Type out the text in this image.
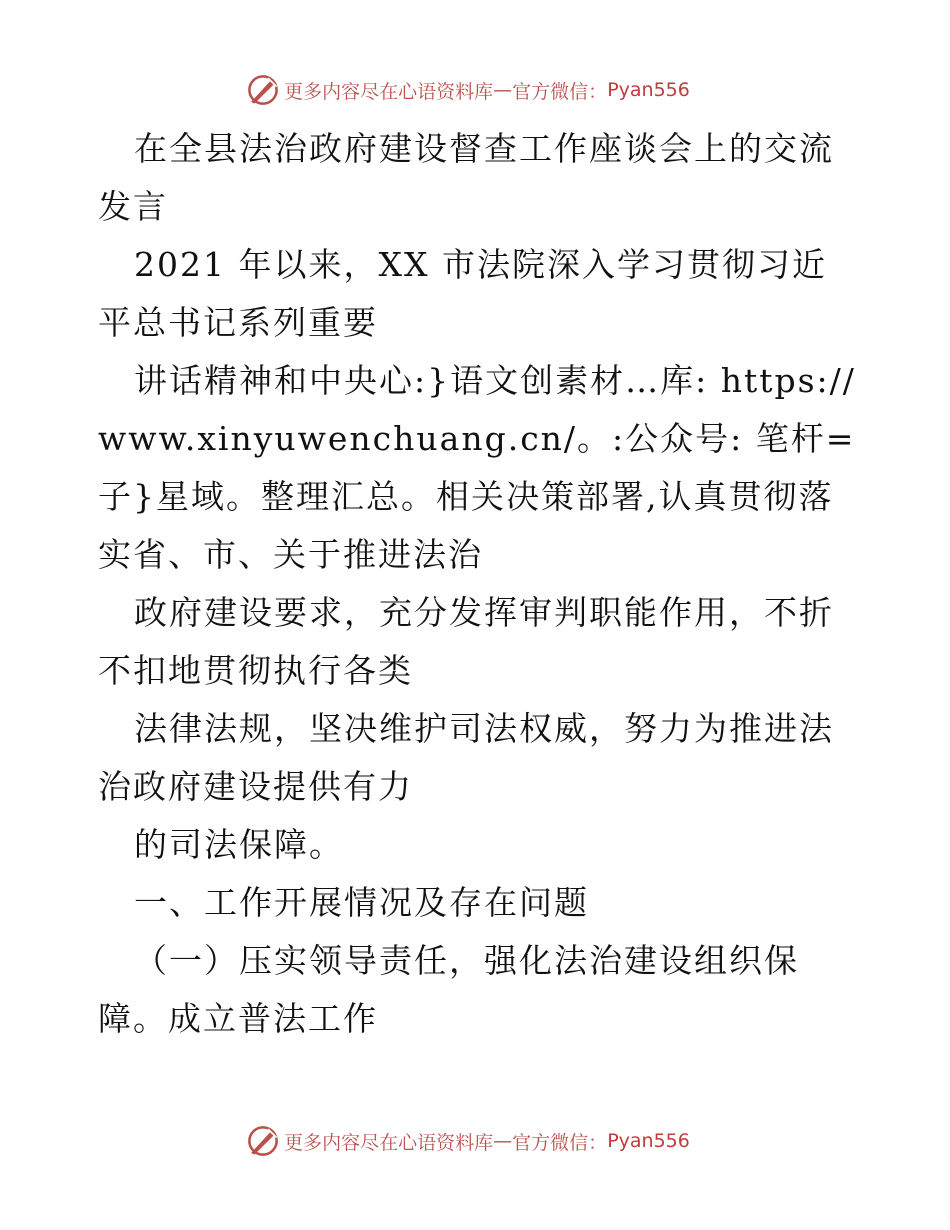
更多内容尽在心语资料库 — 官方微信： Pyan556

在全县法治政府建设督查工作座谈会上的交流发言

2021 年以来，XX 市法院深入学习贯彻习近平总书记系列重要

讲话精神和中央心:}语文创素材…库: https://www.xinyuwenchuang.cn/。:公众号: 笔杆=子}星域。整理汇总。相关决策部署,认真贯彻落实省、市、关于推进法治

政府建设要求，充分发挥审判职能作用，不折不扣地贯彻执行各类

法律法规，坚决维护司法权威，努力为推进法治政府建设提供有力

的司法保障。

一、工作开展情况及存在问题

（一）压实领导责任，强化法治建设组织保障。成立普法工作

更多内容尽在心语资料库 — 官方微信： Pyan556
